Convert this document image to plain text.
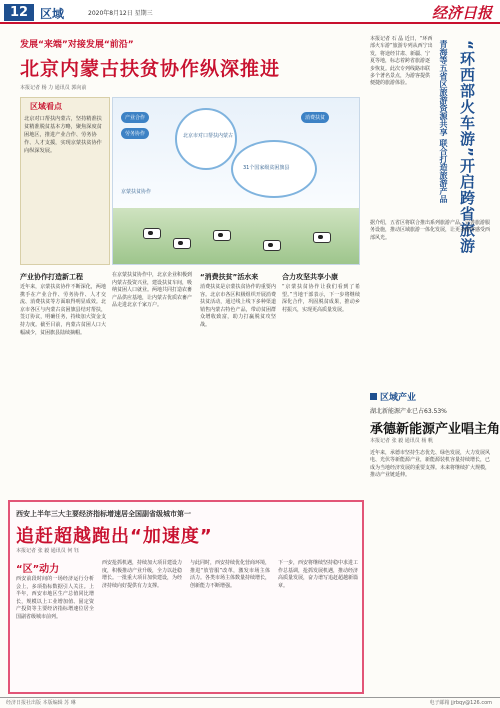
12 区域	2020年8月12日 星期三	经济日报
发展“来端”对接发展“前沿”
北京内蒙古扶贫协作纵深推进
本报记者 杨 力 通讯员 郭向前
区域看点
北京对口帮扶内蒙古，坚持精准扶贫精准脱贫基本方略，聚焦深度贫困地区，推进产业合作、劳务协作、人才支援，实现京蒙扶贫协作向纵深发展。
产业合作
劳务协作
消费扶贫
北京市对口帮扶内蒙古
31个国家级贫困旗县
京蒙扶贫协作
产业协作打造新工程
近年来，京蒙扶贫协作不断深化，两地携手在产业合作、劳务协作、人才交流、消费扶贫等方面取得明显成效。北京市各区与内蒙古贫困旗县结对帮扶，签订协议，明确任务，持续加大资金支持力度。截至目前，内蒙古贫困人口大幅减少，贫困旗县陆续摘帽。
在京蒙扶贫协作中，北京企业积极到内蒙古投资兴业，建设扶贫车间，吸纳贫困人口就业。两地共同打造农畜产品供应基地，让内蒙古优质农畜产品走进北京千家万户。
“消费扶贫”活水来
消费扶贫是京蒙扶贫协作的重要内容。北京市各区积极组织开展消费扶贫活动，通过线上线下多种渠道销售内蒙古特色产品，带动贫困群众增收致富，助力打赢脱贫攻坚战。
合力攻坚共享小康
“京蒙扶贫协作让我们看到了希望。”当地干部表示，下一步将继续深化合作，巩固脱贫成果，推动乡村振兴，实现更高质量发展。
“环西部火车游”开启跨省旅游
青海等五省区旅游资源共享 联合打造旅游产品
本报记者 石 晶 近日，“环西部火车游”旅游专列从西宁出发，将途经甘肃、新疆、宁夏等地，标志着跨省旅游逐步恢复。此次专列线路串联多个著名景点，为游客提供便捷的旅游体验。
据介绍，五省区将联合推出系列旅游产品，完善旅游服务设施，推动区域旅游一体化发展，让更多游客感受西部风光。
区域产业
湖北新能源产业已占63.53%
承德新能源产业唱主角
本报记者 张 毅 通讯员 杨 帆
近年来，承德市坚持生态优先、绿色发展，大力发展风电、光伏等新能源产业，新能源装机容量持续增长，已成为当地经济发展的重要支撑。未来将继续扩大规模，推动产业链延伸。
西安上半年三大主要经济指标增速居全国副省级城市第一
追赶超越跑出“加速度”
本报记者 张 毅 通讯员 何 钰
“区”动力
西安前段时间的一场经济运行分析会上，多项指标数据引人关注。上半年，西安市地区生产总值同比增长，规模以上工业增加值、固定资产投资等主要经济指标增速位居全国副省级城市前列。
西安抢抓机遇，持续加大项目建设力度，积极推动产业升级，全力以赴稳增长。一批重大项目加快建设，为经济持续向好提供有力支撑。
与此同时，西安持续优化营商环境，推进“放管服”改革，激发市场主体活力。各类市场主体数量持续增长，创新能力不断增强。
下一步，西安将继续坚持稳中求进工作总基调，抢抓发展机遇，推动经济高质量发展，奋力谱写追赶超越新篇章。
经济日报社出版 本版编辑 苏 琳	电子邮箱 jjrbqy@126.com
